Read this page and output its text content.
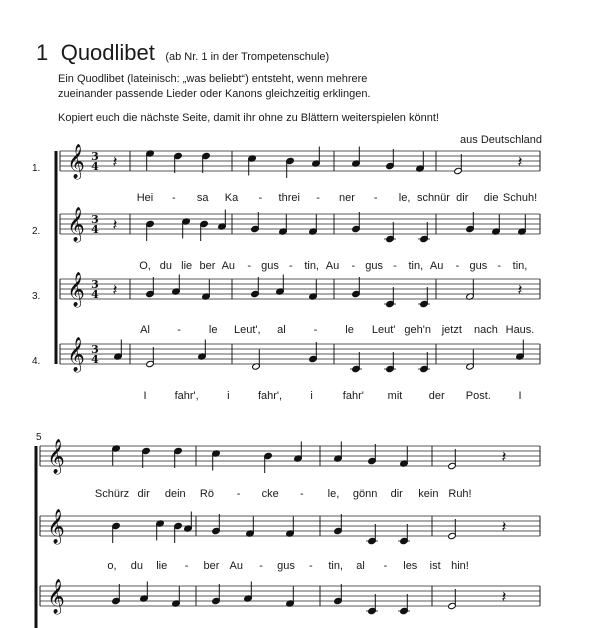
1 Quodlibet (ab Nr. 1 in der Trompetenschule)
Ein Quodlibet (lateinisch: „was beliebt“) entsteht, wenn mehrere
zueinander passende Lieder oder Kanons gleichzeitig erklingen.
Kopiert euch die nächste Seite, damit ihr ohne zu Blättern weiterspielen könnt!
aus Deutschland
1.
2.
3.
4.
5
𝄞 3
4 𝄽	𝄽
𝄞 3
4 𝄽
𝄞 3
4 𝄽	𝄽
𝄞 3
4
𝄞	𝄽
𝄞	𝄽
𝄞	𝄽
Hei - sa Ka - threi - ner - le, schnür dir die Schuh!
O, du lie ber Au - gus - tin, Au - gus - tin, Au - gus - tin,
Al -	le Leut', al	-	le Leut' geh'n jetzt nach Haus.
I	fahr',	i	fahr',	i	fahr' mit der Post.	I
Schürz dir dein Rö - cke - le, gönn dir kein Ruh!
o, du lie - ber Au - gus - tin, al - les ist hin!
